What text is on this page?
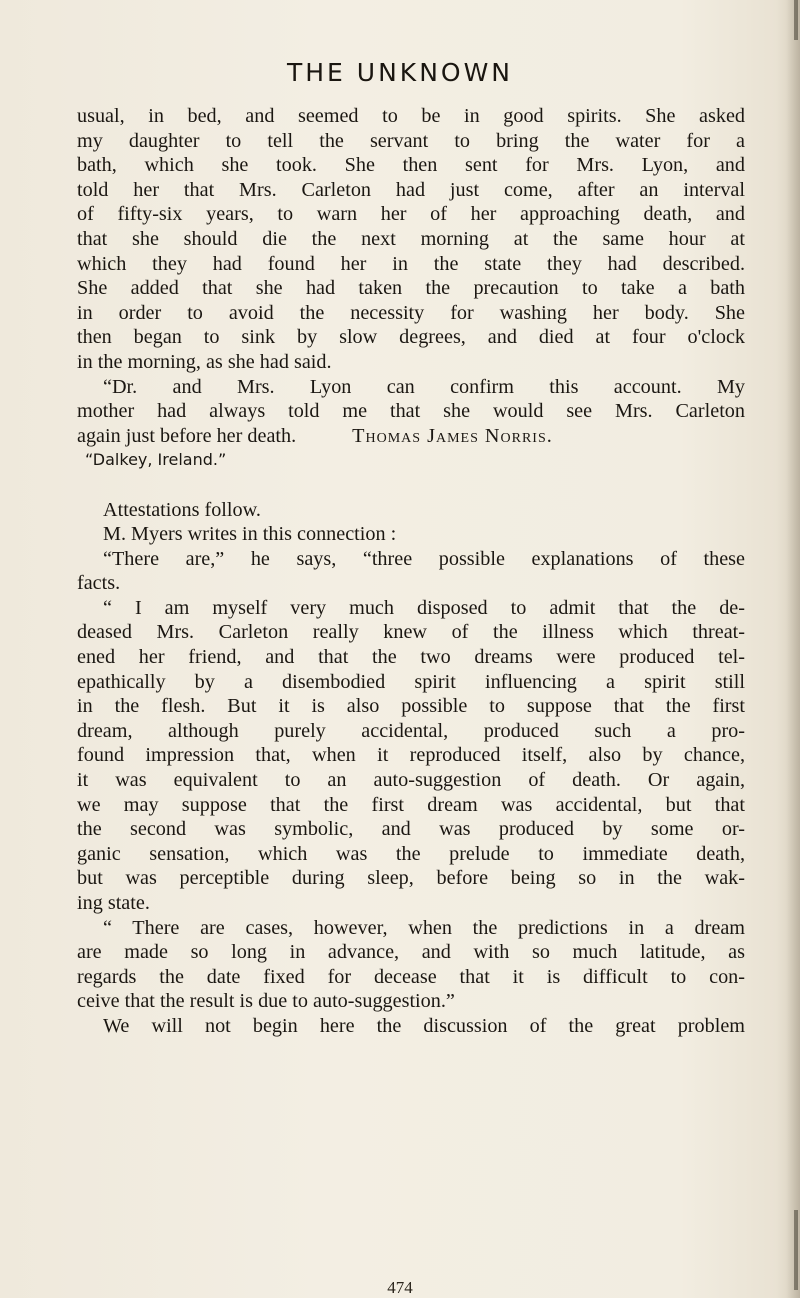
THE UNKNOWN
usual, in bed, and seemed to be in good spirits. She asked
my daughter to tell the servant to bring the water for a
bath, which she took. She then sent for Mrs. Lyon, and
told her that Mrs. Carleton had just come, after an interval
of fifty-six years, to warn her of her approaching death, and
that she should die the next morning at the same hour at
which they had found her in the state they had described.
She added that she had taken the precaution to take a bath
in order to avoid the necessity for washing her body. She
then began to sink by slow degrees, and died at four o'clock
in the morning, as she had said.
“Dr. and Mrs. Lyon can confirm this account. My
mother had always told me that she would see Mrs. Carleton
again just before her death.	Thomas James Norris.
“Dalkey, Ireland.”
Attestations follow.
M. Myers writes in this connection :
“There are,” he says, “three possible explanations of these
facts.
“ I am myself very much disposed to admit that the de-
deased Mrs. Carleton really knew of the illness which threat-
ened her friend, and that the two dreams were produced tel-
epathically by a disembodied spirit influencing a spirit still
in the flesh. But it is also possible to suppose that the first
dream, although purely accidental, produced such a pro-
found impression that, when it reproduced itself, also by chance,
it was equivalent to an auto-suggestion of death. Or again,
we may suppose that the first dream was accidental, but that
the second was symbolic, and was produced by some or-
ganic sensation, which was the prelude to immediate death,
but was perceptible during sleep, before being so in the wak-
ing state.
“ There are cases, however, when the predictions in a dream
are made so long in advance, and with so much latitude, as
regards the date fixed for decease that it is difficult to con-
ceive that the result is due to auto-suggestion.”
We will not begin here the discussion of the great problem
474
